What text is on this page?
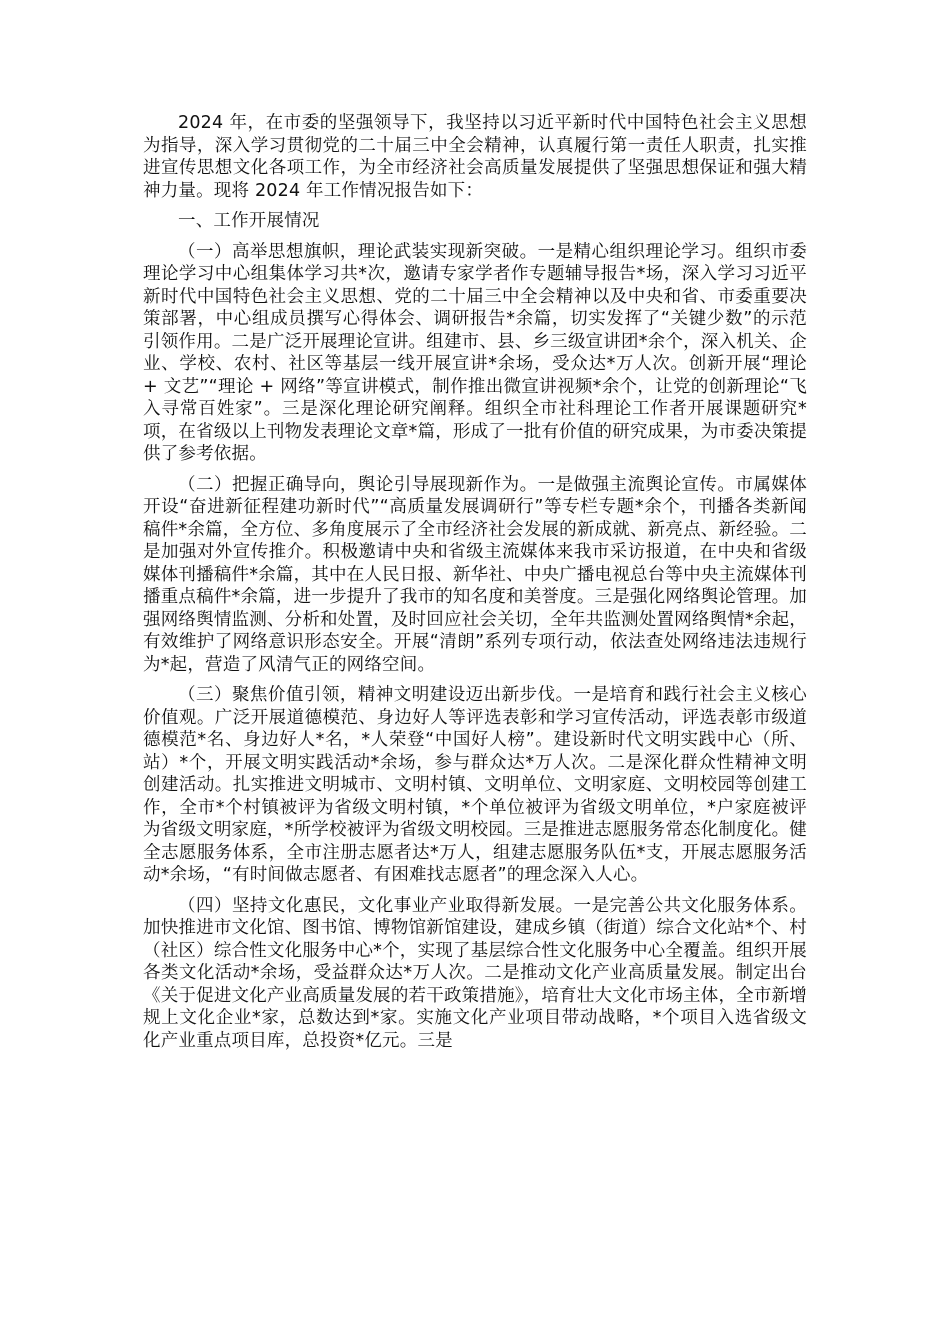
2024 年，在市委的坚强领导下，我坚持以习近平新时代中国特色社会主义思想为指导，深入学习贯彻党的二十届三中全会精神，认真履行第一责任人职责，扎实推进宣传思想文化各项工作，为全市经济社会高质量发展提供了坚强思想保证和强大精神力量。现将 2024 年工作情况报告如下：

一、工作开展情况

（一）高举思想旗帜，理论武装实现新突破。一是精心组织理论学习。组织市委理论学习中心组集体学习共*次，邀请专家学者作专题辅导报告*场，深入学习习近平新时代中国特色社会主义思想、党的二十届三中全会精神以及中央和省、市委重要决策部署，中心组成员撰写心得体会、调研报告*余篇，切实发挥了“关键少数”的示范引领作用。二是广泛开展理论宣讲。组建市、县、乡三级宣讲团*余个，深入机关、企业、学校、农村、社区等基层一线开展宣讲*余场，受众达*万人次。创新开展“理论 + 文艺”“理论 + 网络”等宣讲模式，制作推出微宣讲视频*余个，让党的创新理论“飞入寻常百姓家”。三是深化理论研究阐释。组织全市社科理论工作者开展课题研究*项，在省级以上刊物发表理论文章*篇，形成了一批有价值的研究成果，为市委决策提供了参考依据。

（二）把握正确导向，舆论引导展现新作为。一是做强主流舆论宣传。市属媒体开设“奋进新征程建功新时代”“高质量发展调研行”等专栏专题*余个，刊播各类新闻稿件*余篇，全方位、多角度展示了全市经济社会发展的新成就、新亮点、新经验。二是加强对外宣传推介。积极邀请中央和省级主流媒体来我市采访报道，在中央和省级媒体刊播稿件*余篇，其中在人民日报、新华社、中央广播电视总台等中央主流媒体刊播重点稿件*余篇，进一步提升了我市的知名度和美誉度。三是强化网络舆论管理。加强网络舆情监测、分析和处置，及时回应社会关切，全年共监测处置网络舆情*余起，有效维护了网络意识形态安全。开展“清朗”系列专项行动，依法查处网络违法违规行为*起，营造了风清气正的网络空间。

（三）聚焦价值引领，精神文明建设迈出新步伐。一是培育和践行社会主义核心价值观。广泛开展道德模范、身边好人等评选表彰和学习宣传活动，评选表彰市级道德模范*名、身边好人*名，*人荣登“中国好人榜”。建设新时代文明实践中心（所、站）*个，开展文明实践活动*余场，参与群众达*万人次。二是深化群众性精神文明创建活动。扎实推进文明城市、文明村镇、文明单位、文明家庭、文明校园等创建工作，全市*个村镇被评为省级文明村镇，*个单位被评为省级文明单位，*户家庭被评为省级文明家庭，*所学校被评为省级文明校园。三是推进志愿服务常态化制度化。健全志愿服务体系，全市注册志愿者达*万人，组建志愿服务队伍*支，开展志愿服务活动*余场，“有时间做志愿者、有困难找志愿者”的理念深入人心。

（四）坚持文化惠民，文化事业产业取得新发展。一是完善公共文化服务体系。加快推进市文化馆、图书馆、博物馆新馆建设，建成乡镇（街道）综合文化站*个、村（社区）综合性文化服务中心*个，实现了基层综合性文化服务中心全覆盖。组织开展各类文化活动*余场，受益群众达*万人次。二是推动文化产业高质量发展。制定出台《关于促进文化产业高质量发展的若干政策措施》，培育壮大文化市场主体，全市新增规上文化企业*家，总数达到*家。实施文化产业项目带动战略，*个项目入选省级文化产业重点项目库，总投资*亿元。三是
